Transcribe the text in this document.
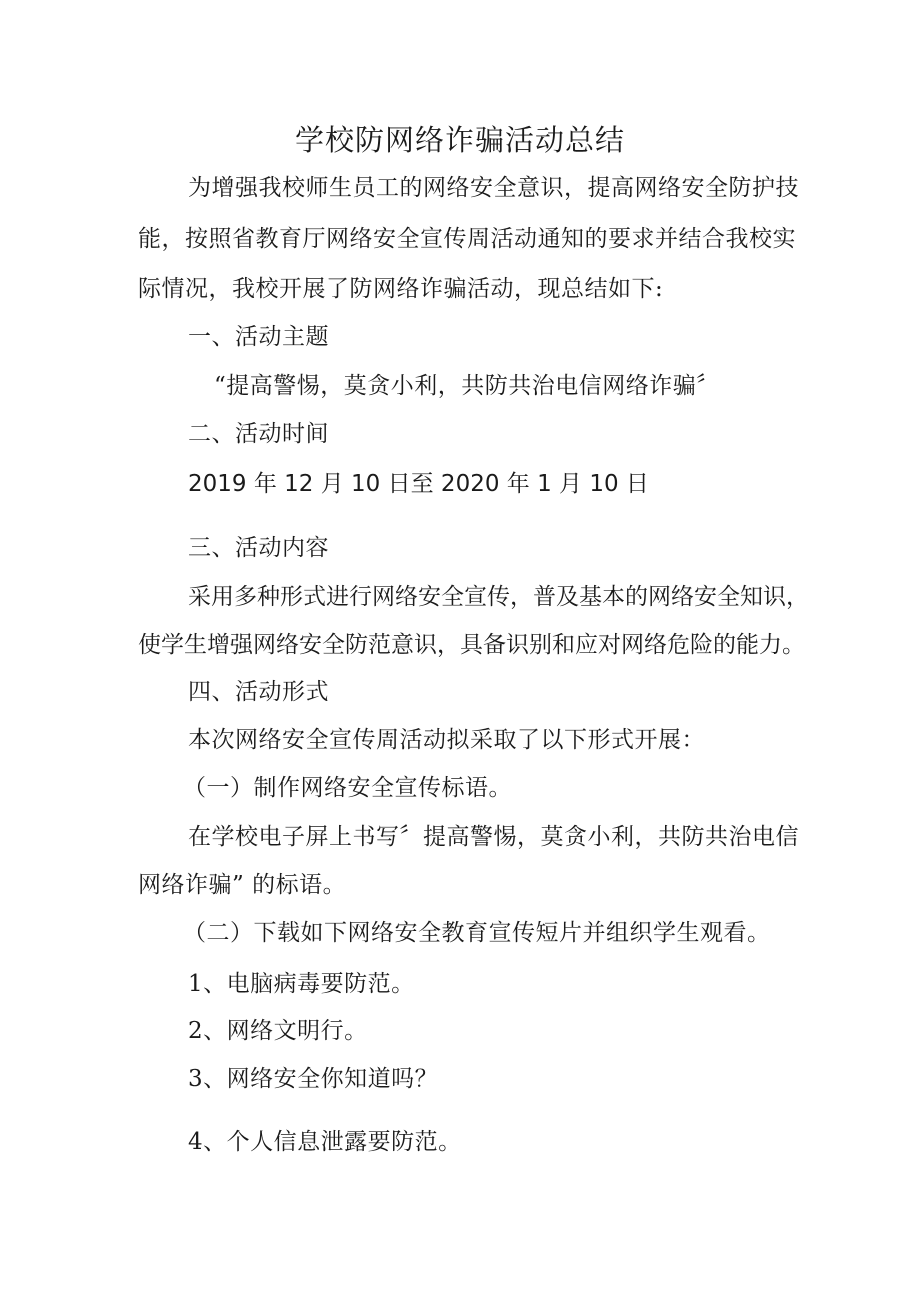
学校防网络诈骗活动总结
为增强我校师生员工的网络安全意识，提高网络安全防护技
能，按照省教育厅网络安全宣传周活动通知的要求并结合我校实
际情况，我校开展了防网络诈骗活动，现总结如下:
一、活动主题
“提高警惕，莫贪小利，共防共治电信网络诈骗〞
二、活动时间
2019 年 12 月 10 日至 2020 年 1 月 10 日
三、活动内容
采用多种形式进行网络安全宣传，普及基本的网络安全知识，
使学生增强网络安全防范意识，具备识别和应对网络危险的能力。
四、活动形式
本次网络安全宣传周活动拟采取了以下形式开展：
（一）制作网络安全宣传标语。
在学校电子屏上书写〞提高警惕，莫贪小利，共防共治电信
网络诈骗” 的标语。
（二）下载如下网络安全教育宣传短片并组织学生观看。
1、电脑病毒要防范。
2、网络文明行。
3、网络安全你知道吗？
4、个人信息泄露要防范。
